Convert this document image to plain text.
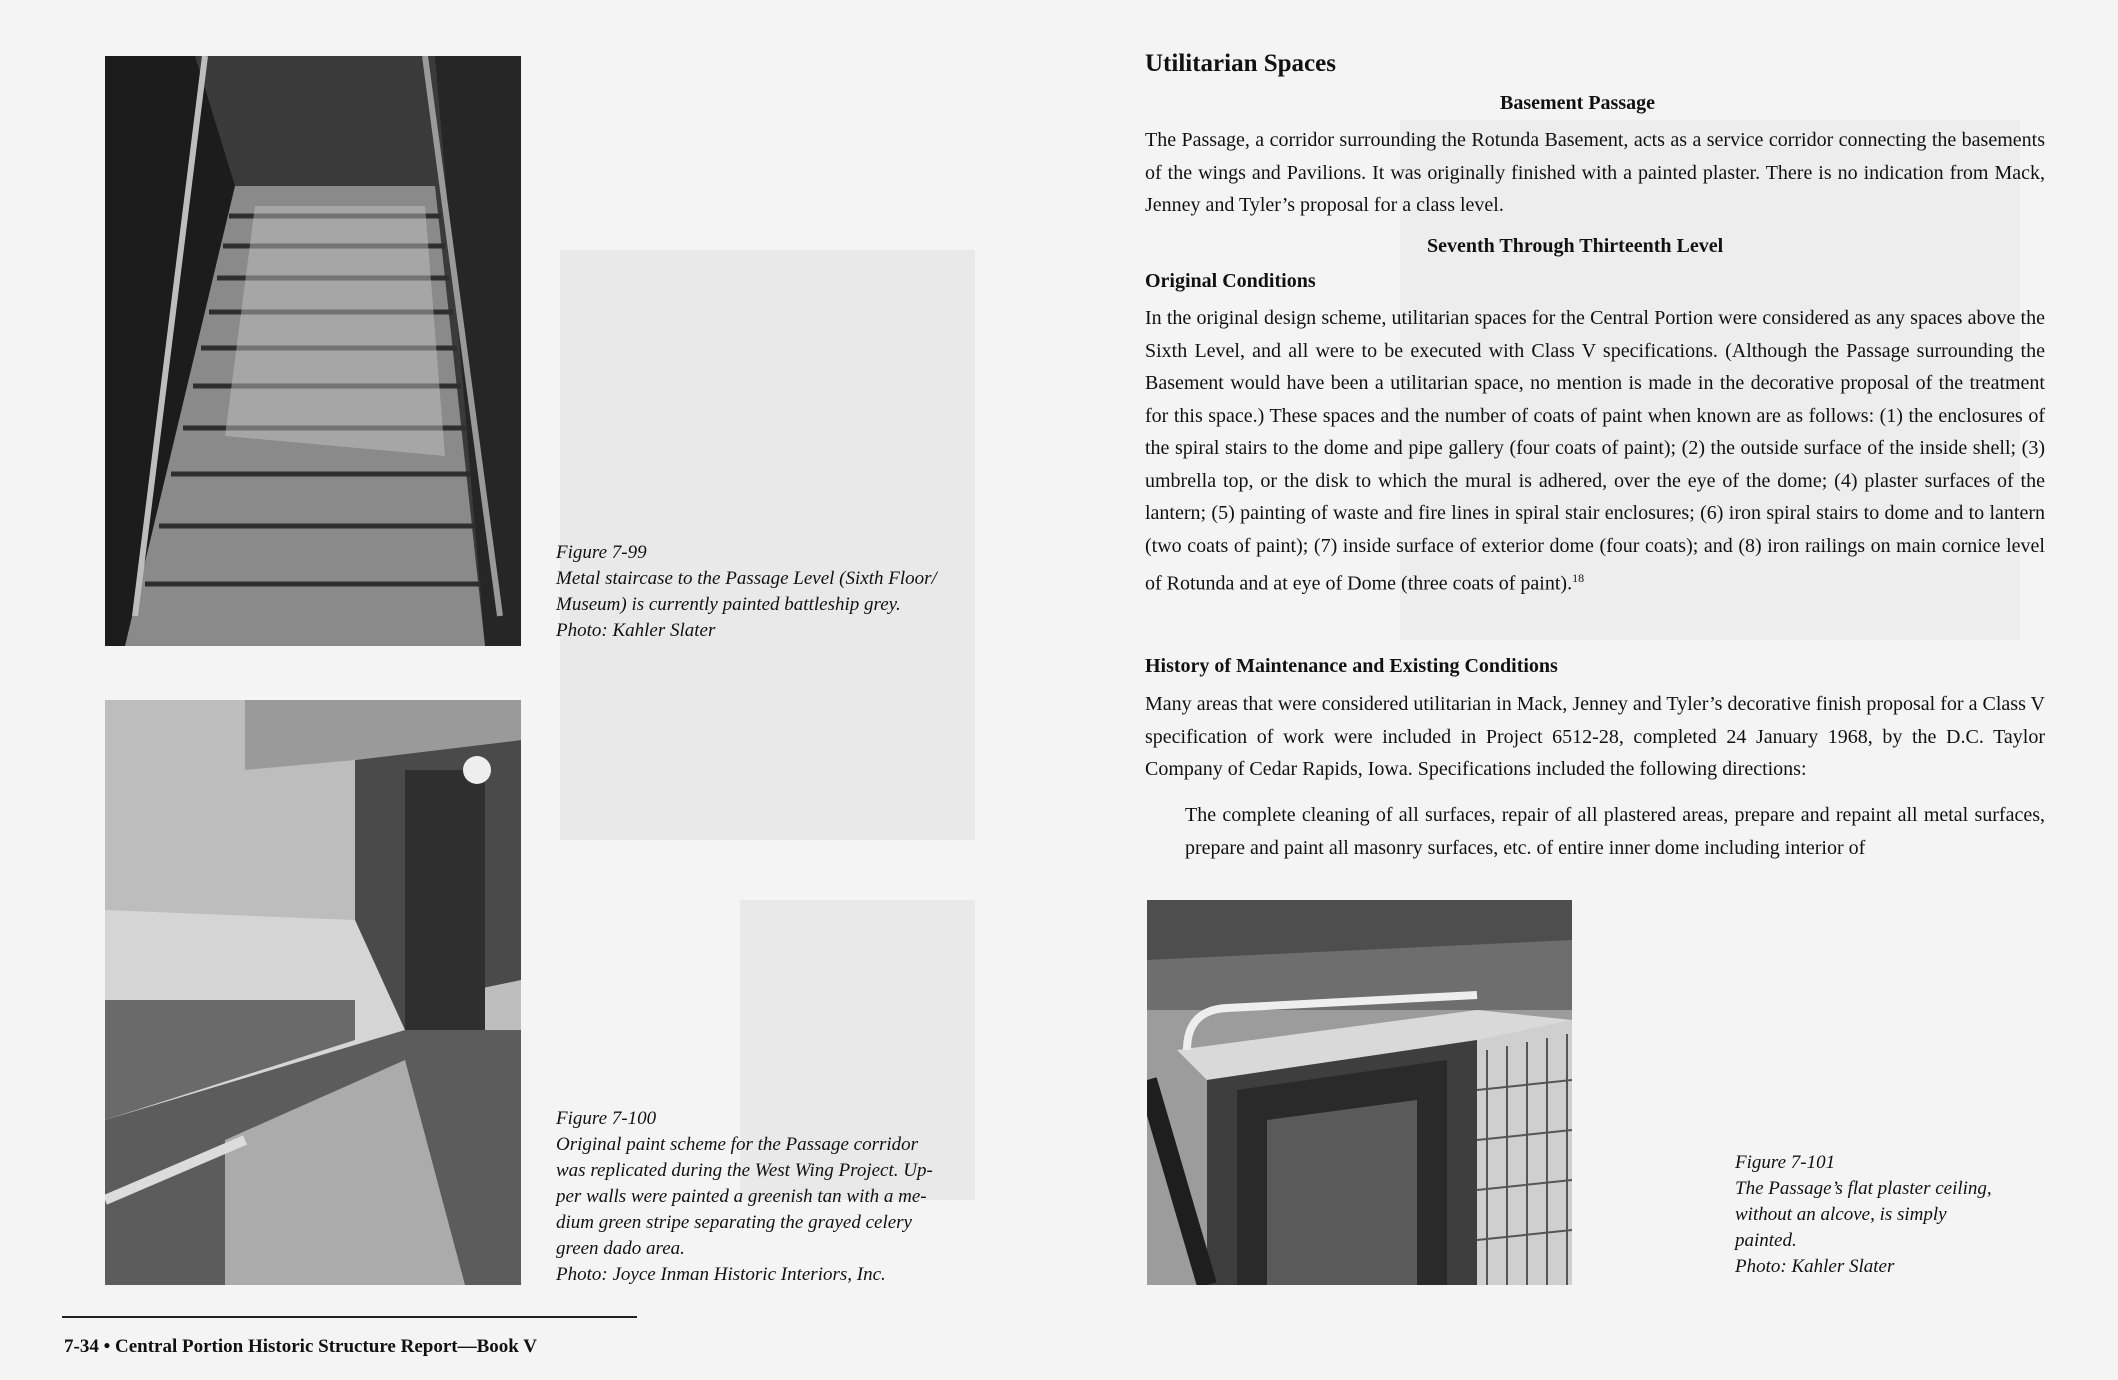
Figure 7-99
Metal staircase to the Passage Level (Sixth Floor/
Museum) is currently painted battleship grey.
Photo: Kahler Slater
Figure 7-100
Original paint scheme for the Passage corridor
was replicated during the West Wing Project. Up-
per walls were painted a greenish tan with a me-
dium green stripe separating the grayed celery
green dado area.
Photo: Joyce Inman Historic Interiors, Inc.

7-34 • Central Portion Historic Structure Report—Book V

Utilitarian Spaces
Basement Passage

The Passage, a corridor surrounding the Rotunda Basement, acts as a service corridor connecting the basements of the wings and Pavilions. It was originally finished with a painted plaster. There is no indication from Mack, Jenney and Tyler’s proposal for a class level.

Seventh Through Thirteenth Level
Original Conditions

In the original design scheme, utilitarian spaces for the Central Portion were considered as any spaces above the Sixth Level, and all were to be executed with Class V specifications. (Although the Passage surrounding the Basement would have been a utilitarian space, no mention is made in the decorative proposal of the treatment for this space.) These spaces and the number of coats of paint when known are as follows: (1) the enclosures of the spiral stairs to the dome and pipe gallery (four coats of paint); (2) the outside surface of the inside shell; (3) umbrella top, or the disk to which the mural is adhered, over the eye of the dome; (4) plaster surfaces of the lantern; (5) painting of waste and fire lines in spiral stair enclosures; (6) iron spiral stairs to dome and to lantern (two coats of paint); (7) inside surface of exterior dome (four coats); and (8) iron railings on main cornice level of Rotunda and at eye of Dome (three coats of paint).$^{18}$

History of Maintenance and Existing Conditions

Many areas that were considered utilitarian in Mack, Jenney and Tyler’s decorative finish proposal for a Class V specification of work were included in Project 6512-28, completed 24 January 1968, by the D.C. Taylor Company of Cedar Rapids, Iowa. Specifications included the following directions:

The complete cleaning of all surfaces, repair of all plastered areas, prepare and repaint all metal surfaces, prepare and paint all masonry surfaces, etc. of entire inner dome including interior of

Figure 7-101
The Passage’s flat plaster ceiling,
without an alcove, is simply
painted.
Photo: Kahler Slater
